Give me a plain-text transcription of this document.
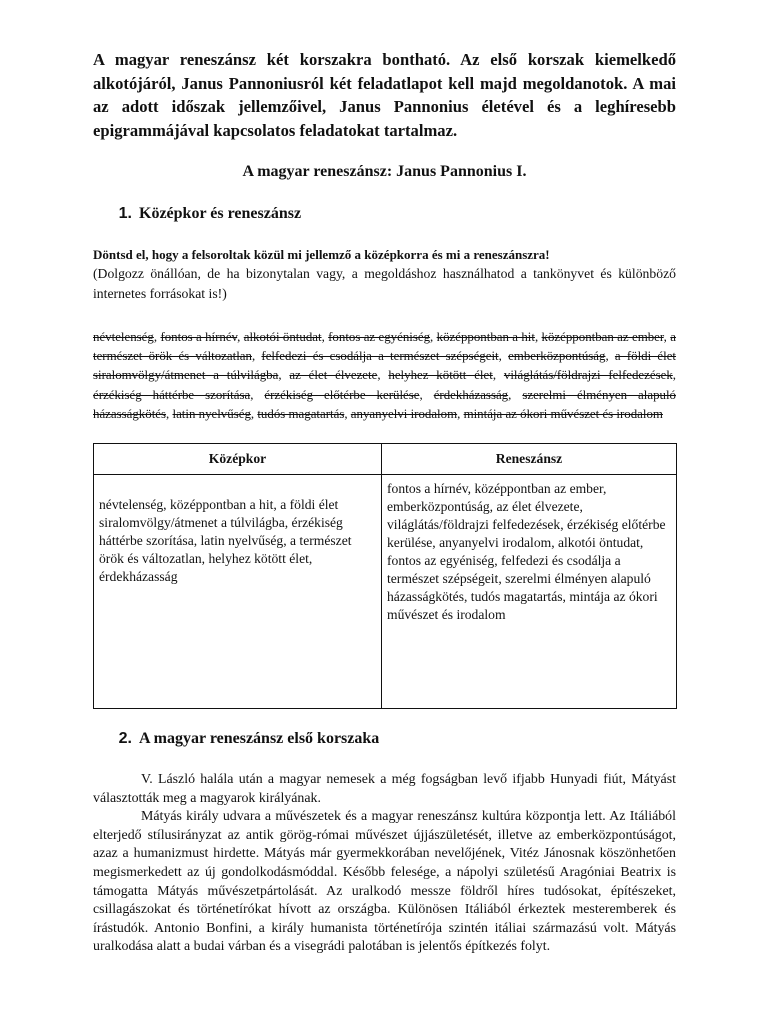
A magyar reneszánsz két korszakra bontható. Az első korszak kiemelkedő alkotójáról, Janus Pannoniusról két feladatlapot kell majd megoldanotok. A mai az adott időszak jellemzőivel, Janus Pannonius életével és a leghíresebb epigrammájával kapcsolatos feladatokat tartalmaz.

A magyar reneszánsz: Janus Pannonius I.
1. Középkor és reneszánsz

Döntsd el, hogy a felsoroltak közül mi jellemző a középkorra és mi a reneszánszra!

(Dolgozz önállóan, de ha bizonytalan vagy, a megoldáshoz használhatod a tankönyvet és különböző internetes forrásokat is!)

névtelenség, fontos a hírnév, alkotói öntudat, fontos az egyéniség, középpontban a hit, középpontban az ember, a természet örök és változatlan, felfedezi és csodálja a természet szépségeit, emberközpontúság, a földi élet siralomvölgy/átmenet a túlvilágba, az élet élvezete, helyhez kötött élet, világlátás/földrajzi felfedezések, érzékiség háttérbe szorítása, érzékiség előtérbe kerülése, érdekházasság, szerelmi élményen alapuló házasságkötés, latin nyelvűség, tudós magatartás, anyanyelvi irodalom, mintája az ókori művészet és irodalom

Középkor	Reneszánsz
névtelenség, középpontban a hit, a földi élet siralomvölgy/átmenet a túlvilágba, érzékiség háttérbe szorítása, latin nyelvűség, a természet örök és változatlan, helyhez kötött élet, érdekházasság	fontos a hírnév, középpontban az ember, emberközpontúság, az élet élvezete, világlátás/földrajzi felfedezések, érzékiség előtérbe kerülése, anyanyelvi irodalom, alkotói öntudat, fontos az egyéniség, felfedezi és csodálja a természet szépségeit, szerelmi élményen alapuló házasságkötés, tudós magatartás, mintája az ókori művészet és irodalom
2. A magyar reneszánsz első korszaka

V. László halála után a magyar nemesek a még fogságban levő ifjabb Hunyadi fiút, Mátyást választották meg a magyarok királyának.

Mátyás király udvara a művészetek és a magyar reneszánsz kultúra központja lett. Az Itáliából elterjedő stílusirányzat az antik görög-római művészet újjászületését, illetve az emberközpontúságot, azaz a humanizmust hirdette. Mátyás már gyermekkorában nevelőjének, Vitéz Jánosnak köszönhetően megismerkedett az új gondolkodásmóddal. Később felesége, a nápolyi születésű Aragóniai Beatrix is támogatta Mátyás művészetpártolását. Az uralkodó messze földről híres tudósokat, építészeket, csillagászokat és történetírókat hívott az országba. Különösen Itáliából érkeztek mesteremberek és írástudók. Antonio Bonfini, a király humanista történetírója szintén itáliai származású volt. Mátyás uralkodása alatt a budai várban és a visegrádi palotában is jelentős építkezés folyt.
